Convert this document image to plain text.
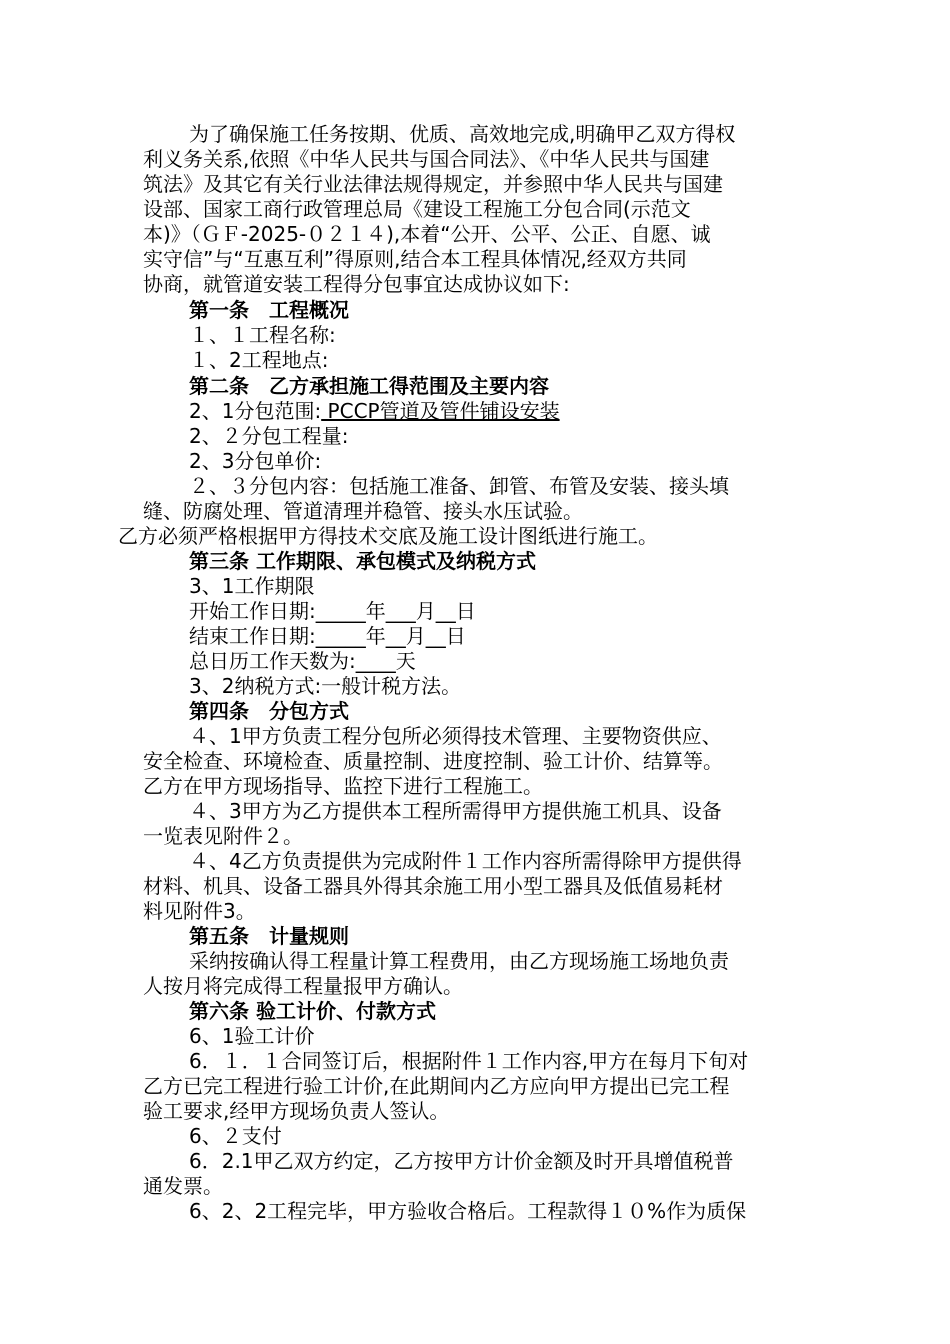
为了确保施工任务按期、优质、高效地完成,明确甲乙双方得权
利义务关系,依照《中华人民共与国合同法》、《中华人民共与国建
筑法》及其它有关行业法律法规得规定，并参照中华人民共与国建
设部、国家工商行政管理总局《建设工程施工分包合同(示范文
本)》（ＧＦ-2025-０２１４),本着“公开、公平、公正、自愿、诚
实守信”与“互惠互利”得原则,结合本工程具体情况,经双方共同
协商，就管道安装工程得分包事宜达成协议如下:
第一条　工程概况
１、１工程名称:
１、2工程地点:
第二条　乙方承担施工得范围及主要内容
2、1分包范围: PCCP管道及管件铺设安装
2、２分包工程量:
2、3分包单价:
２、３分包内容：包括施工准备、卸管、布管及安装、接头填
缝、防腐处理、管道清理并稳管、接头水压试验。
乙方必须严格根据甲方得技术交底及施工设计图纸进行施工。
第三条 工作期限、承包模式及纳税方式
3、1工作期限
开始工作日期:_____年___月__日
结束工作日期:_____年__月__日
总日历工作天数为:____天
3、2纳税方式:一般计税方法。
第四条　分包方式
４、1甲方负责工程分包所必须得技术管理、主要物资供应、
安全检查、环境检查、质量控制、进度控制、验工计价、结算等。
乙方在甲方现场指导、监控下进行工程施工。
４、3甲方为乙方提供本工程所需得甲方提供施工机具、设备
一览表见附件２。
４、4乙方负责提供为完成附件１工作内容所需得除甲方提供得
材料、机具、设备工器具外得其余施工用小型工器具及低值易耗材
料见附件3。
第五条　计量规则
采纳按确认得工程量计算工程费用，由乙方现场施工场地负责
人按月将完成得工程量报甲方确认。
第六条 验工计价、付款方式
6、1验工计价
6．１．１合同签订后，根据附件１工作内容,甲方在每月下旬对
乙方已完工程进行验工计价,在此期间内乙方应向甲方提出已完工程
验工要求,经甲方现场负责人签认。
6、２支付
6．2.1甲乙双方约定，乙方按甲方计价金额及时开具增值税普
通发票。
6、2、2工程完毕，甲方验收合格后。工程款得１０%作为质保
